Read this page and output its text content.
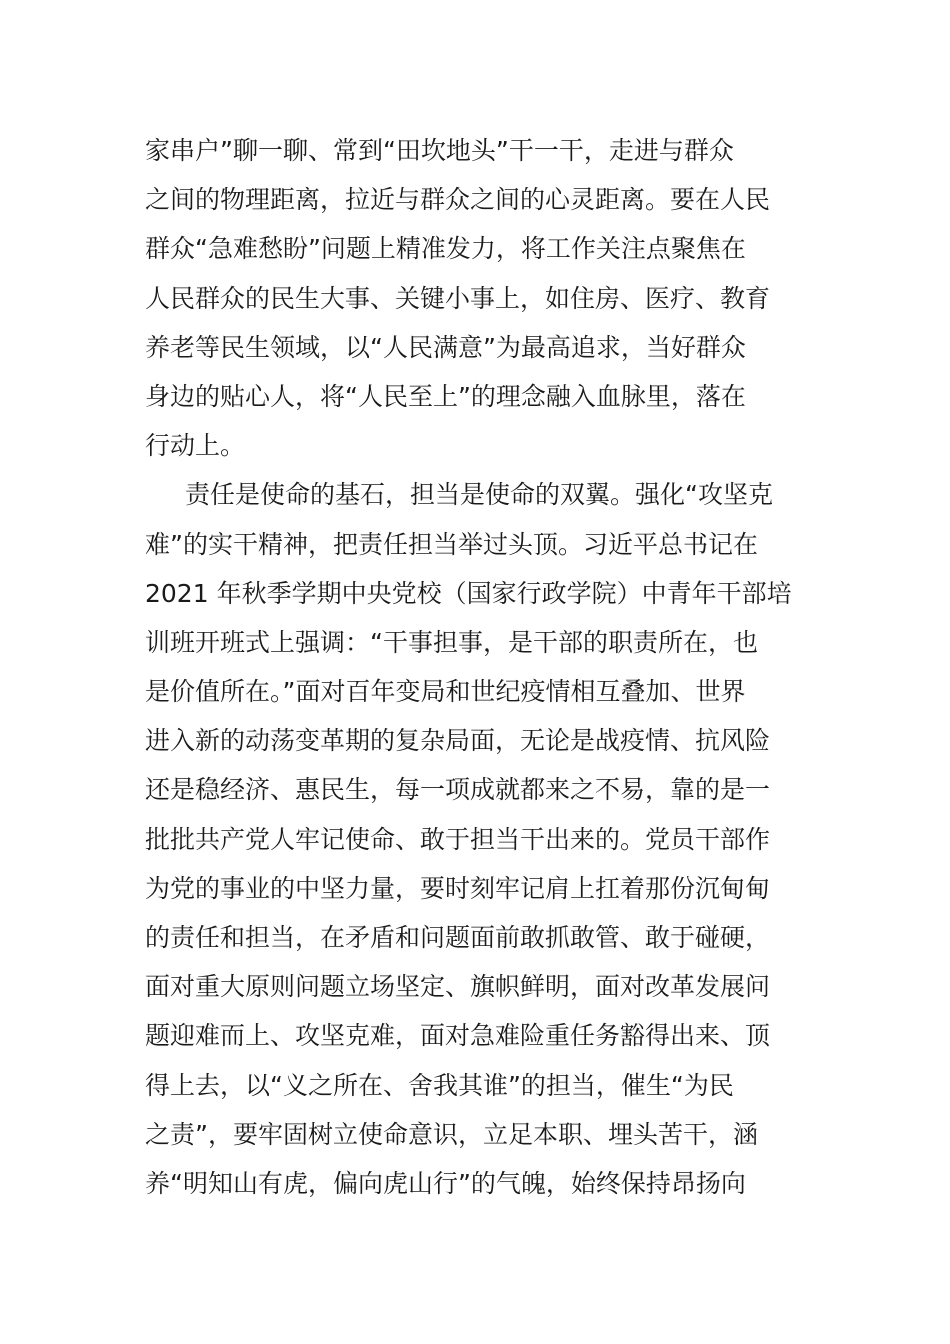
家串户”聊一聊、常到“田坎地头”干一干，走进与群众
之间的物理距离，拉近与群众之间的心灵距离。要在人民
群众“急难愁盼”问题上精准发力，将工作关注点聚焦在
人民群众的民生大事、关键小事上，如住房、医疗、教育
养老等民生领域，以“人民满意”为最高追求，当好群众
身边的贴心人，将“人民至上”的理念融入血脉里，落在
行动上。
责任是使命的基石，担当是使命的双翼。强化“攻坚克
难”的实干精神，把责任担当举过头顶。习近平总书记在
2021 年秋季学期中央党校（国家行政学院）中青年干部培
训班开班式上强调：“干事担事，是干部的职责所在，也
是价值所在。”面对百年变局和世纪疫情相互叠加、世界
进入新的动荡变革期的复杂局面，无论是战疫情、抗风险
还是稳经济、惠民生，每一项成就都来之不易，靠的是一
批批共产党人牢记使命、敢于担当干出来的。党员干部作
为党的事业的中坚力量，要时刻牢记肩上扛着那份沉甸甸
的责任和担当，在矛盾和问题面前敢抓敢管、敢于碰硬，
面对重大原则问题立场坚定、旗帜鲜明，面对改革发展问
题迎难而上、攻坚克难，面对急难险重任务豁得出来、顶
得上去，以“义之所在、舍我其谁”的担当，催生“为民
之责”，要牢固树立使命意识，立足本职、埋头苦干，涵
养“明知山有虎，偏向虎山行”的气魄，始终保持昂扬向
